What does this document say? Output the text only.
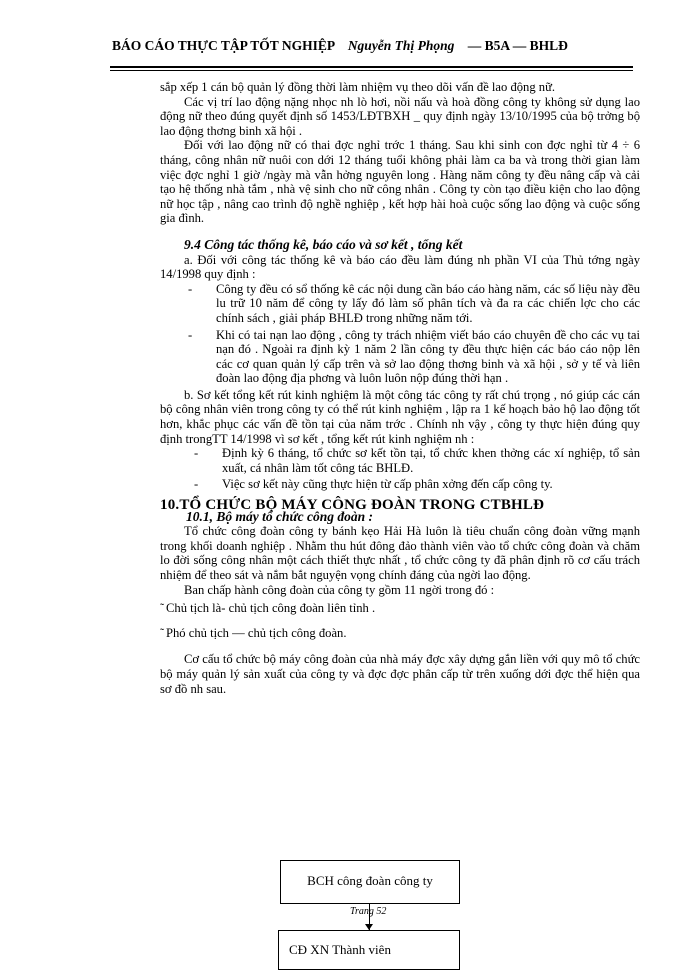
BÁO CÁO THỰC TẬP TỐT NGHIỆP Nguyễn Thị Phọng — B5A — BHLĐ

sắp xếp 1 cán bộ quản lý đồng thời làm nhiệm vụ theo dõi vấn đề lao động nữ.

Các vị trí lao động nặng nhọc nh lò hơi, nồi nấu và hoà đồng công ty không sử dụng lao động nữ theo đúng quyết định số 1453/LĐTBXH _ quy định ngày 13/10/1995 của bộ trởng bộ lao động thơng binh xã hội .

Đối với lao động nữ có thai đợc nghỉ trớc 1 tháng. Sau khi sinh con đợc nghỉ từ 4 ÷ 6 tháng, công nhân nữ nuôi con dới 12 tháng tuổi không phải làm ca ba và trong thời gian làm việc đợc nghỉ 1 giờ /ngày mà vẫn hởng nguyên long . Hàng năm công ty đều nâng cấp và cải tạo hệ thống nhà tắm , nhà vệ sinh cho nữ công nhân . Công ty còn tạo điều kiện cho lao động nữ học tập , nâng cao trình độ nghề nghiệp , kết hợp hài hoà cuộc sống lao động và cuộc sống gia đình.

9.4 Công tác thống kê, báo cáo và sơ kết , tổng kết

a. Đối với công tác thống kê và báo cáo đều làm đúng nh phần VI của Thủ tớng ngày 14/1998 quy định :

- Công ty đều có sổ thống kê các nội dung cần báo cáo hàng năm, các số liệu này đều lu trữ 10 năm để công ty lấy đó làm số phân tích và đa ra các chiến lợc cho các chính sách , giải pháp BHLĐ trong những năm tới.
- Khi có tai nạn lao động , công ty trách nhiệm viết báo cáo chuyên đề cho các vụ tai nạn đó . Ngoài ra định kỳ 1 năm 2 lần công ty đều thực hiện các báo cáo nộp lên các cơ quan quản lý cấp trên và sở lao động thơng binh và xã hội , sở y tế và liên đoàn lao động địa phơng và luôn luôn nộp đúng thời hạn .

b. Sơ kết tổng kết rút kinh nghiệm là một công tác công ty rất chú trọng , nó giúp các cán bộ công nhân viên trong công ty có thể rút kinh nghiệm , lập ra 1 kế hoạch bảo hộ lao động tốt hơn, khắc phục các vấn đề tồn tại của năm trớc . Chính nh vậy , công ty thực hiện đúng quy định trongTT 14/1998 vì sơ kết , tổng kết rút kinh nghiệm nh :

- Định kỳ 6 tháng, tổ chức sơ kết tồn tại, tổ chức khen thởng các xí nghiệp, tổ sản xuất, cá nhân làm tốt công tác BHLĐ.
- Việc sơ kết này cũng thực hiện từ cấp phân xởng đến cấp công ty.

10.TỔ CHỨC BỘ MÁY CÔNG ĐOÀN TRONG CTBHLĐ

10.1, Bộ máy tổ chức công đoàn :

Tổ chức công đoàn công ty bánh kẹo Hải Hà luôn là tiêu chuẩn công đoàn vững mạnh trong khối doanh nghiệp . Nhằm thu hút đông đảo thành viên vào tổ chức công đoàn và chăm lo đời sống công nhân một cách thiết thực nhất , tổ chức công ty đã phân định rõ cơ cấu trách nhiệm để theo sát và nắm bắt nguyện vọng chính đáng của ngời lao động.

Ban chấp hành công đoàn của công ty gồm 11 ngời trong đó :

˜ Chủ tịch là- chủ tịch công đoàn liên tỉnh .

˜ Phó chủ tịch — chủ tịch công đoàn.

Cơ cấu tổ chức bộ máy công đoàn của nhà máy đợc xây dựng gắn liền với quy mô tổ chức bộ máy quản lý sản xuất của công ty và đợc đợc phân cấp từ trên xuống dới đợc thể hiện qua sơ đồ nh sau.

BCH công đoàn công ty
Trang 52
CĐ XN Thành viên
